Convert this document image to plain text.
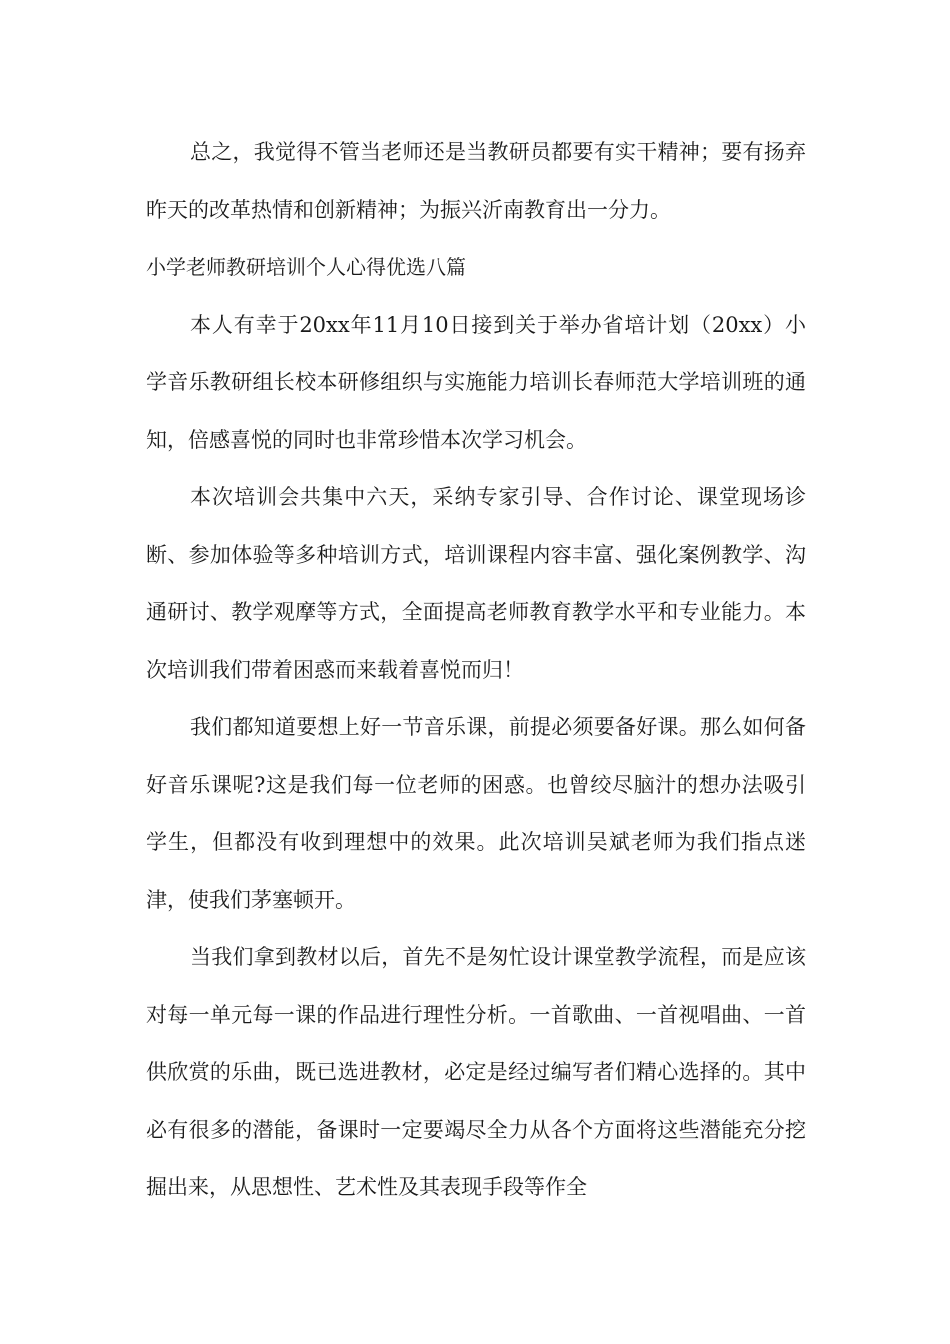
总之，我觉得不管当老师还是当教研员都要有实干精神；要有扬弃昨天的改革热情和创新精神；为振兴沂南教育出一分力。

小学老师教研培训个人心得优选八篇

本人有幸于20xx年11月10日接到关于举办省培计划（20xx）小学音乐教研组长校本研修组织与实施能力培训长春师范大学培训班的通知，倍感喜悦的同时也非常珍惜本次学习机会。

本次培训会共集中六天，采纳专家引导、合作讨论、课堂现场诊断、参加体验等多种培训方式，培训课程内容丰富、强化案例教学、沟通研讨、教学观摩等方式，全面提高老师教育教学水平和专业能力。本次培训我们带着困惑而来载着喜悦而归！

我们都知道要想上好一节音乐课，前提必须要备好课。那么如何备好音乐课呢?这是我们每一位老师的困惑。也曾绞尽脑汁的想办法吸引学生，但都没有收到理想中的效果。此次培训吴斌老师为我们指点迷津，使我们茅塞顿开。

当我们拿到教材以后，首先不是匆忙设计课堂教学流程，而是应该对每一单元每一课的作品进行理性分析。一首歌曲、一首视唱曲、一首供欣赏的乐曲，既已选进教材，必定是经过编写者们精心选择的。其中必有很多的潜能，备课时一定要竭尽全力从各个方面将这些潜能充分挖掘出来，从思想性、艺术性及其表现手段等作全
